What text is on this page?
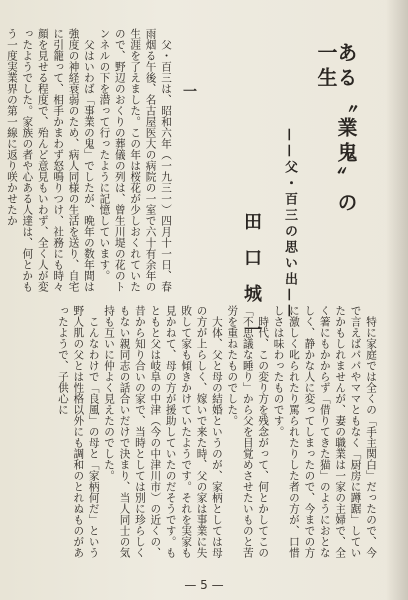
ある〝業鬼〟の一生
——父・百三の思い出——
田口城一
一

父・百三は、昭和六年（一九三一）四月十一日、春雨烟る午後、名古屋医大の病院の一室で六十有余年の生涯を了えました。この年は桜花が少しおくれていたので、野辺のおくりの葬儀の列は、曾生川堤の花のトンネルの下を潜って行ったように記憶しています。

父はいわば「事業の鬼」でしたが、晩年の数年間は強度の神経衰弱のため、病人同様の生活を送り、自宅に引籠って、相手かまわず怒鳴りつけ、社務にも時々顔を見せる程度で、殆んど意見もいわず、全く人が変ったようでした。家族の者や心ある人達は、何とかもう一度実業界の第一線に返り咲かせたか

特に家庭では全くの「手主関白」だったので、今で言えばパパやママともなく「厨房に蹲踞」していたかもしれませんが、妻の職業は一家の主婦で、全く箸にもかからず「借りてきた猫」のようにおとなしく、静かな人に変ってしまったので、今までの方に激しく叱られたり罵られたりした者の方が、口惜しさは味わったものです。

時代、この変り方を残念がって、何とかしてこの「不思議な睡り」から父を目覚めさせたいものと苦労を重ねたものでした。

大体、父と母の結婚というのが、家柄としては母の方が上らしく、嫁いで来た時、父の家は事業に失敗して家も傾きかけていたようです。それを実家も見かねて、母の方が援助していたのだそうです。もともと父は岐阜の中津（今の中津川市）の近くの、昔から知り合いの家で、当時としては別に珍らしくもない親同志の話合いだけで決まり、当人同士の気持も互いに仲よく見えたのでした。

こんなわけで「良風」の母と「家柄何だ」という野人肌の父とは性格以外にも調和のとれぬものがあったようで、子供心に

— 5 —
